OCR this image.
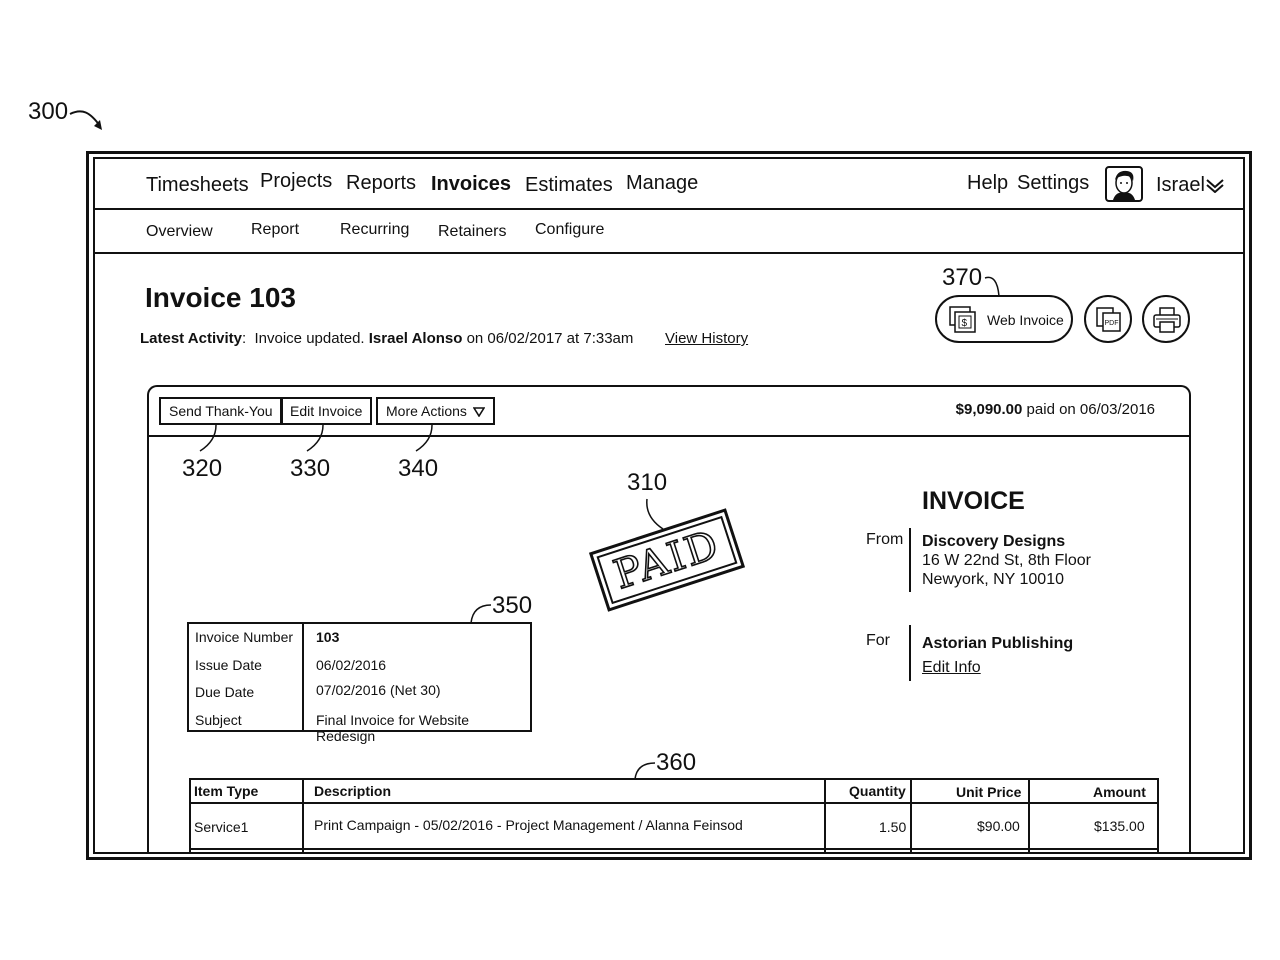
300
Timesheets Projects Reports Invoices Estimates Manage	Help Settings	Israel
Overview Report	Recurring Retainers Configure
Invoice 103
Latest Activity:  Invoice updated. Israel Alonso on 06/02/2017 at 7:33am View History
370
$ Web Invoice	PDF
Send Thank-You	Edit Invoice	More Actions	$9,090.00 paid on 06/03/2016
320	330	340
310
PAID
INVOICE
From Discovery Designs
16 W 22nd St, 8th Floor
Newyork, NY 10010
For Astorian Publishing
Edit Info
350
Invoice Number 103
Issue Date	06/02/2016
Due Date	07/02/2016 (Net 30)
Subject	Final Invoice for Website Redesign
360
Item Type	Description	Quantity	Unit Price	Amount
Service1	Print Campaign - 05/02/2016 - Project Management / Alanna Feinsod	1.50	$90.00	$135.00
